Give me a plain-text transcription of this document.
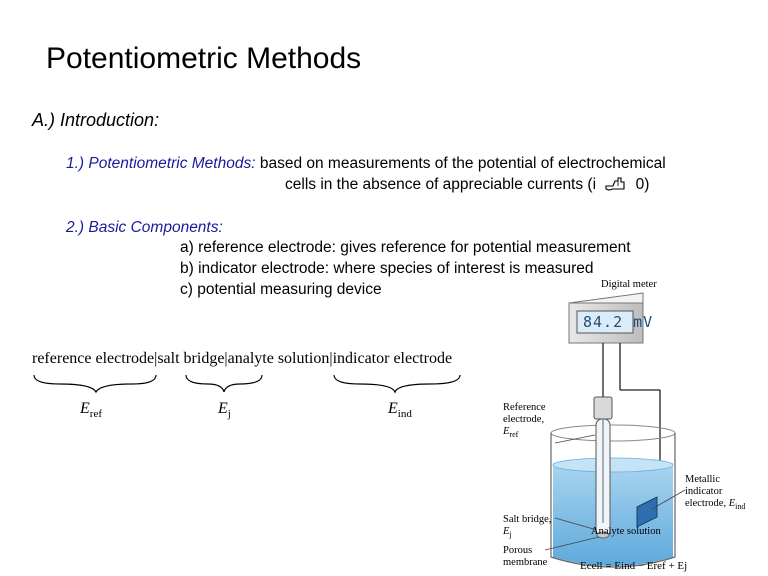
Potentiometric Methods
A.) Introduction:
1.) Potentiometric Methods: based on measurements of the potential of electrochemical
cells in the absence of appreciable currents (i	0)
2.) Basic Components:
a) reference electrode: gives reference for potential measurement
b) indicator electrode: where species of interest is measured
c) potential measuring device
reference electrode|salt bridge|analyte solution|indicator electrode
$E_{ref}$	$E_j$	$E_{ind}$
84.2 mV
Digital meter
Reference
electrode,
$E_{ref}$
Metallic
indicator
electrode, $E_{ind}$
Salt bridge,
$E_j$	Analyte solution
Porous
membrane	Ecell = Eind − Eref + Ej
